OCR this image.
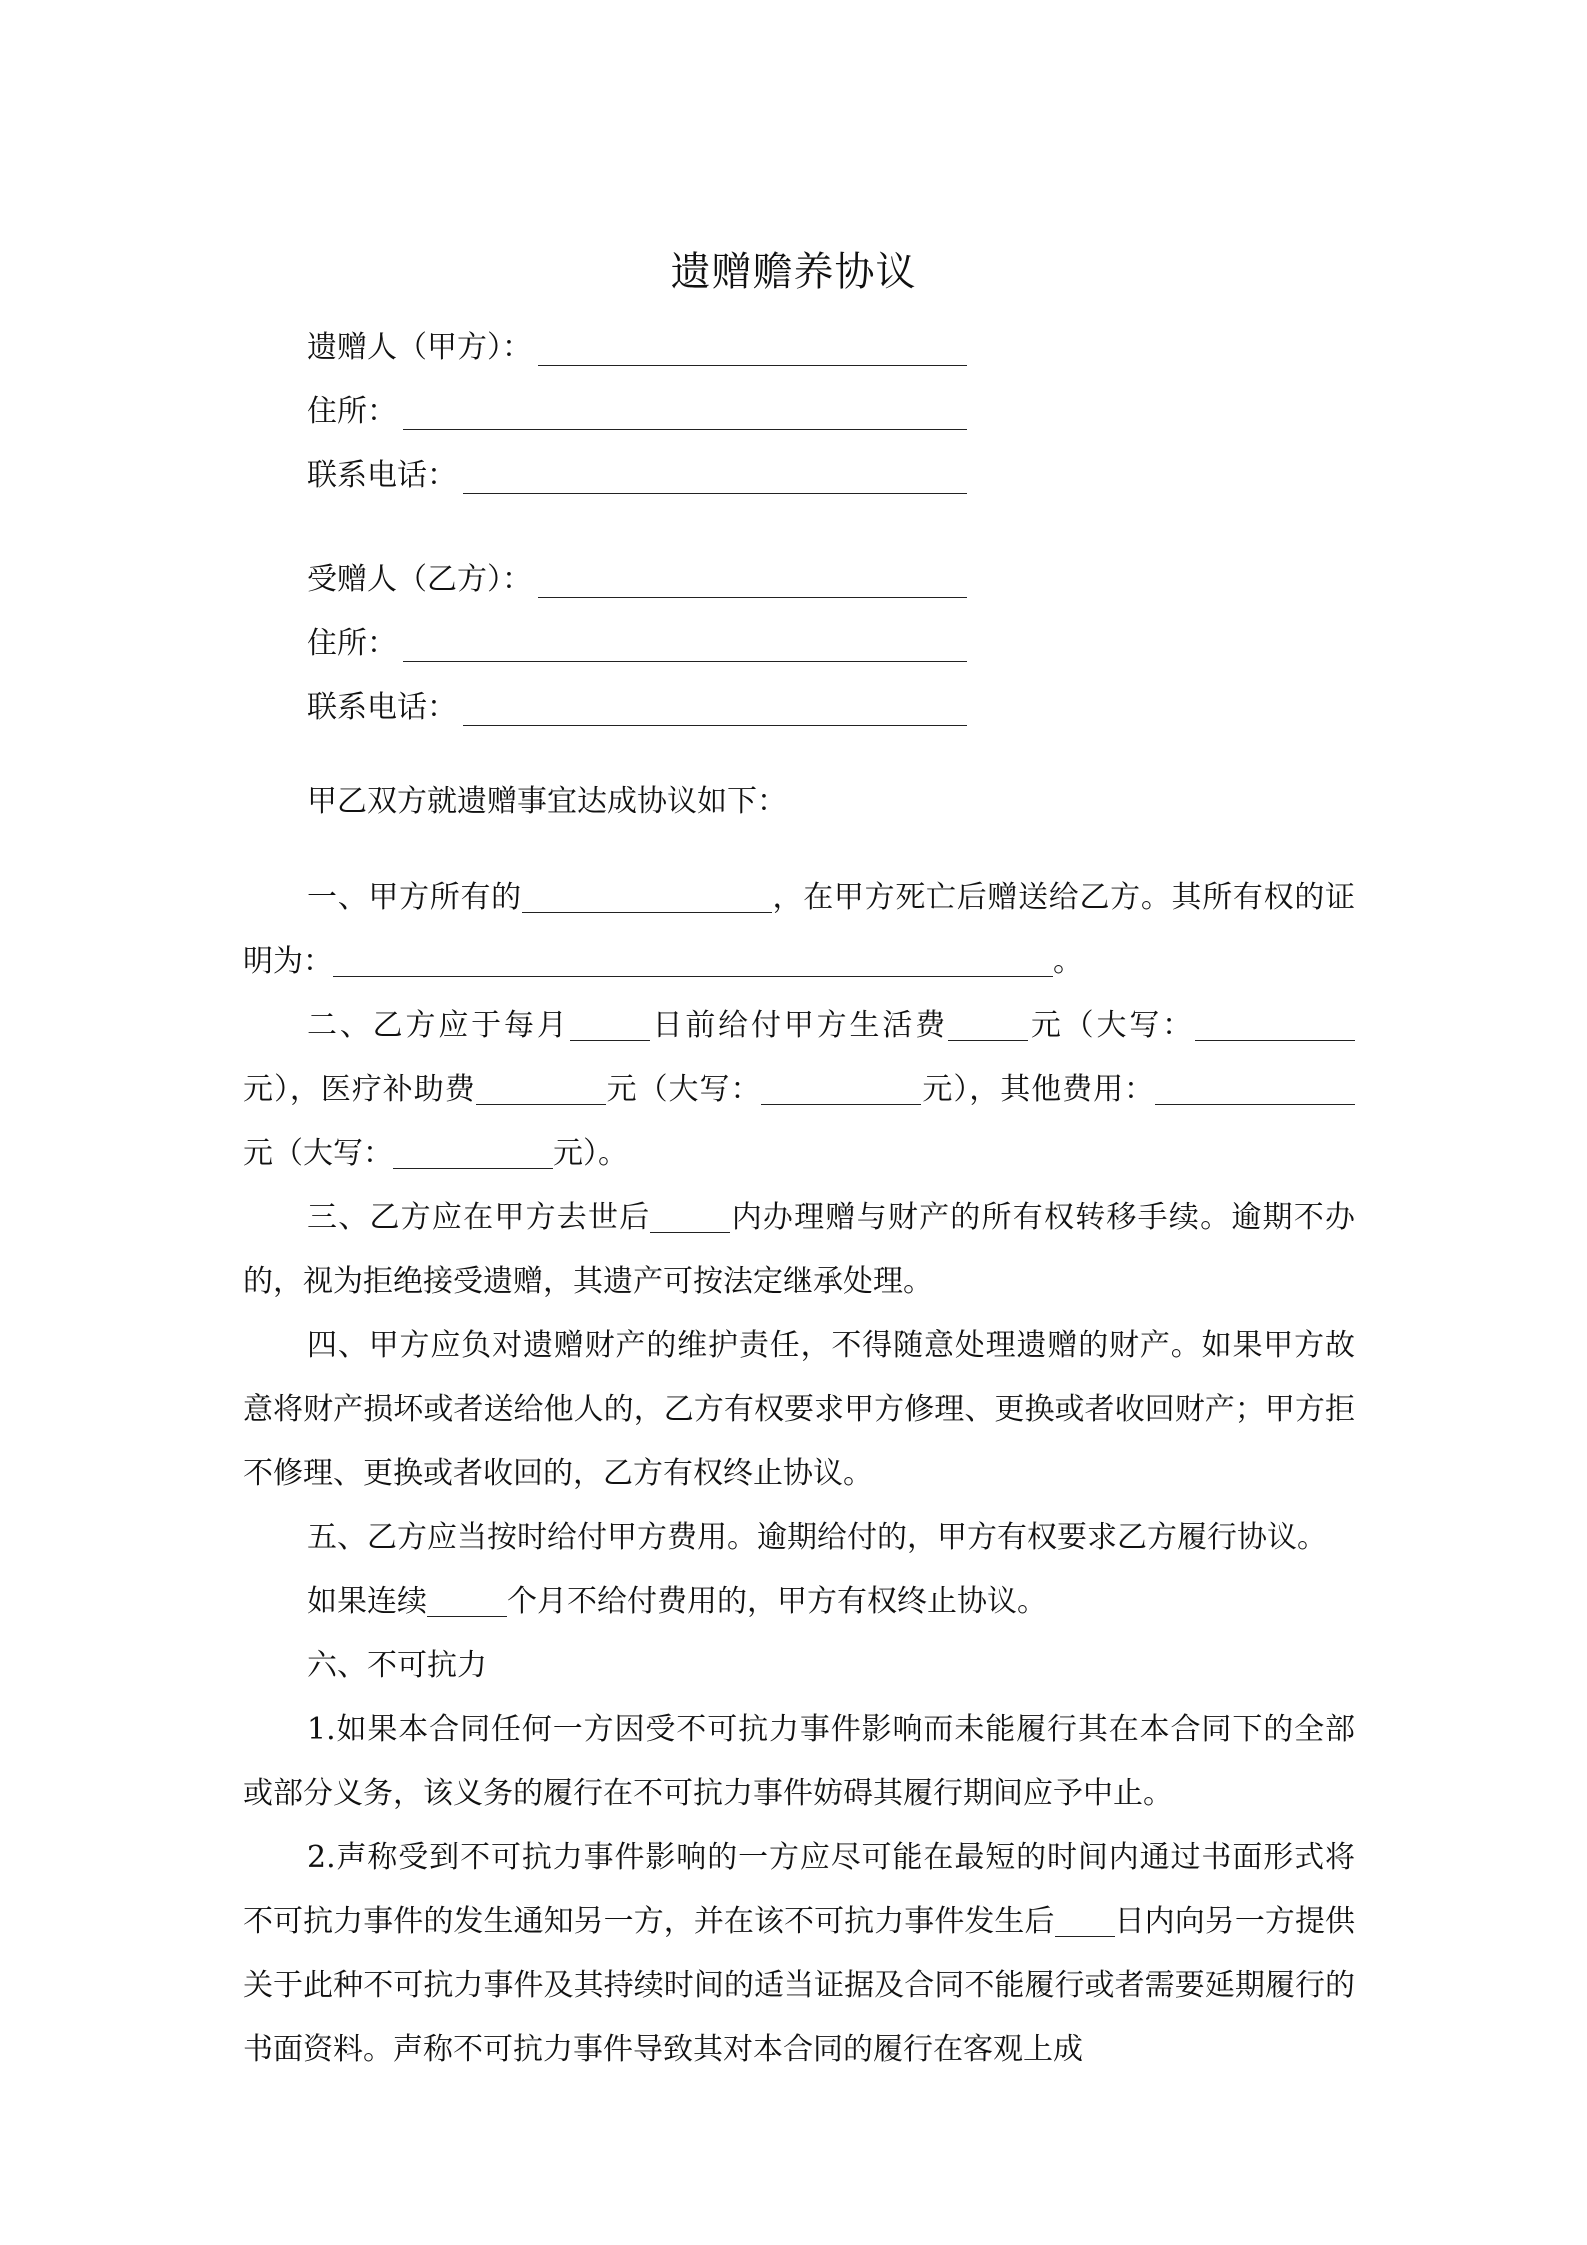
遗赠赡养协议
遗赠人（甲方）：
住所：
联系电话：
受赠人（乙方）：
住所：
联系电话：

甲乙双方就遗赠事宜达成协议如下：

一、甲方所有的	，在甲方死亡后赠送给乙方。其所有权的证明为：	。

二、乙方应于每月	日前给付甲方生活费	元（大写：元），医疗补助费	元（大写：	元），其他费用：元（大写：	元）。

三、乙方应在甲方去世后	内办理赠与财产的所有权转移手续。逾期不办的，视为拒绝接受遗赠，其遗产可按法定继承处理。

四、甲方应负对遗赠财产的维护责任，不得随意处理遗赠的财产。如果甲方故意将财产损坏或者送给他人的，乙方有权要求甲方修理、更换或者收回财产；甲方拒不修理、更换或者收回的，乙方有权终止协议。

五、乙方应当按时给付甲方费用。逾期给付的，甲方有权要求乙方履行协议。

如果连续	个月不给付费用的，甲方有权终止协议。

六、不可抗力

1.如果本合同任何一方因受不可抗力事件影响而未能履行其在本合同下的全部或部分义务，该义务的履行在不可抗力事件妨碍其履行期间应予中止。

2.声称受到不可抗力事件影响的一方应尽可能在最短的时间内通过书面形式将不可抗力事件的发生通知另一方，并在该不可抗力事件发生后 日内向另一方提供关于此种不可抗力事件及其持续时间的适当证据及合同不能履行或者需要延期履行的书面资料。声称不可抗力事件导致其对本合同的履行在客观上成
